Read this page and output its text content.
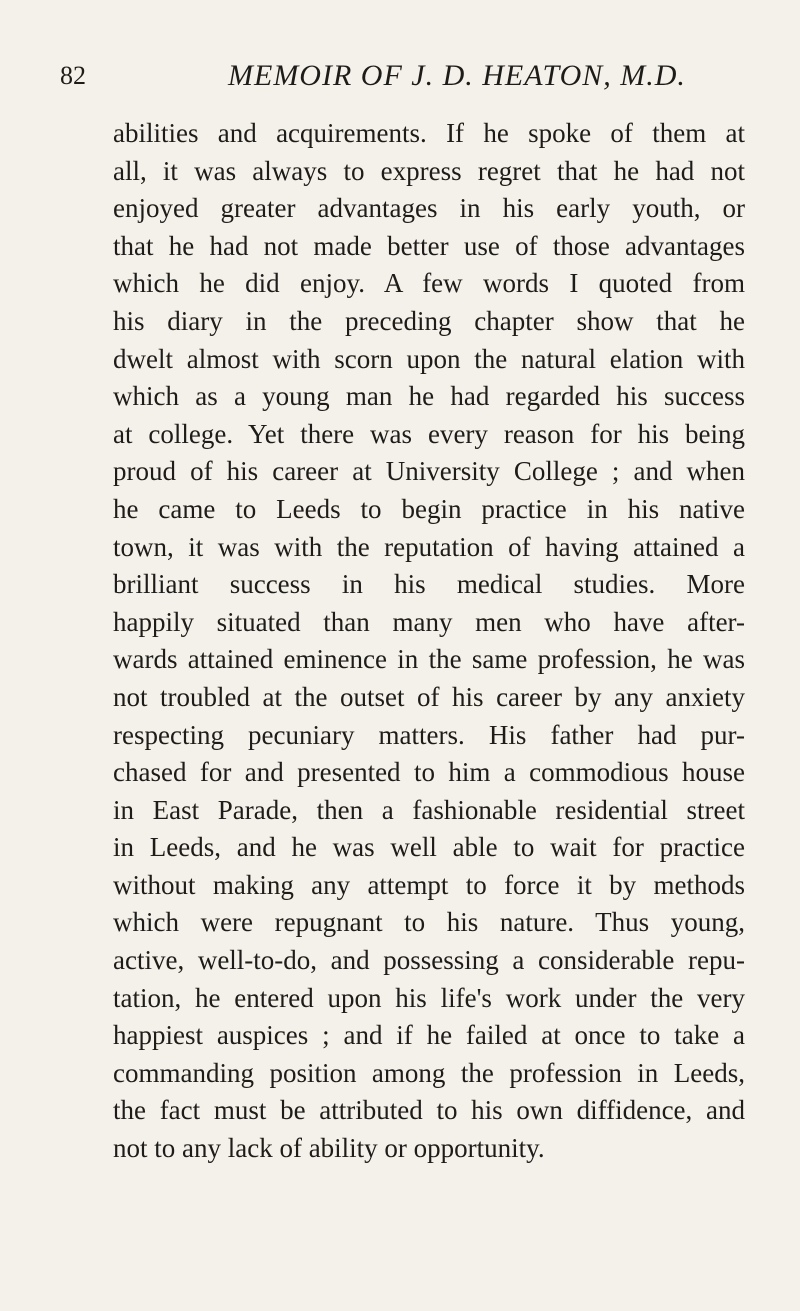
82	MEMOIR OF J. D. HEATON, M.D.
abilities and acquirements. If he spoke of them at
all, it was always to express regret that he had not
enjoyed greater advantages in his early youth, or
that he had not made better use of those advantages
which he did enjoy. A few words I quoted from
his diary in the preceding chapter show that he
dwelt almost with scorn upon the natural elation with
which as a young man he had regarded his success
at college. Yet there was every reason for his being
proud of his career at University College ; and when
he came to Leeds to begin practice in his native
town, it was with the reputation of having attained a
brilliant success in his medical studies. More
happily situated than many men who have after-
wards attained eminence in the same profession, he was
not troubled at the outset of his career by any anxiety
respecting pecuniary matters. His father had pur-
chased for and presented to him a commodious house
in East Parade, then a fashionable residential street
in Leeds, and he was well able to wait for practice
without making any attempt to force it by methods
which were repugnant to his nature. Thus young,
active, well-to-do, and possessing a considerable repu-
tation, he entered upon his life's work under the very
happiest auspices ; and if he failed at once to take a
commanding position among the profession in Leeds,
the fact must be attributed to his own diffidence, and
not to any lack of ability or opportunity.
